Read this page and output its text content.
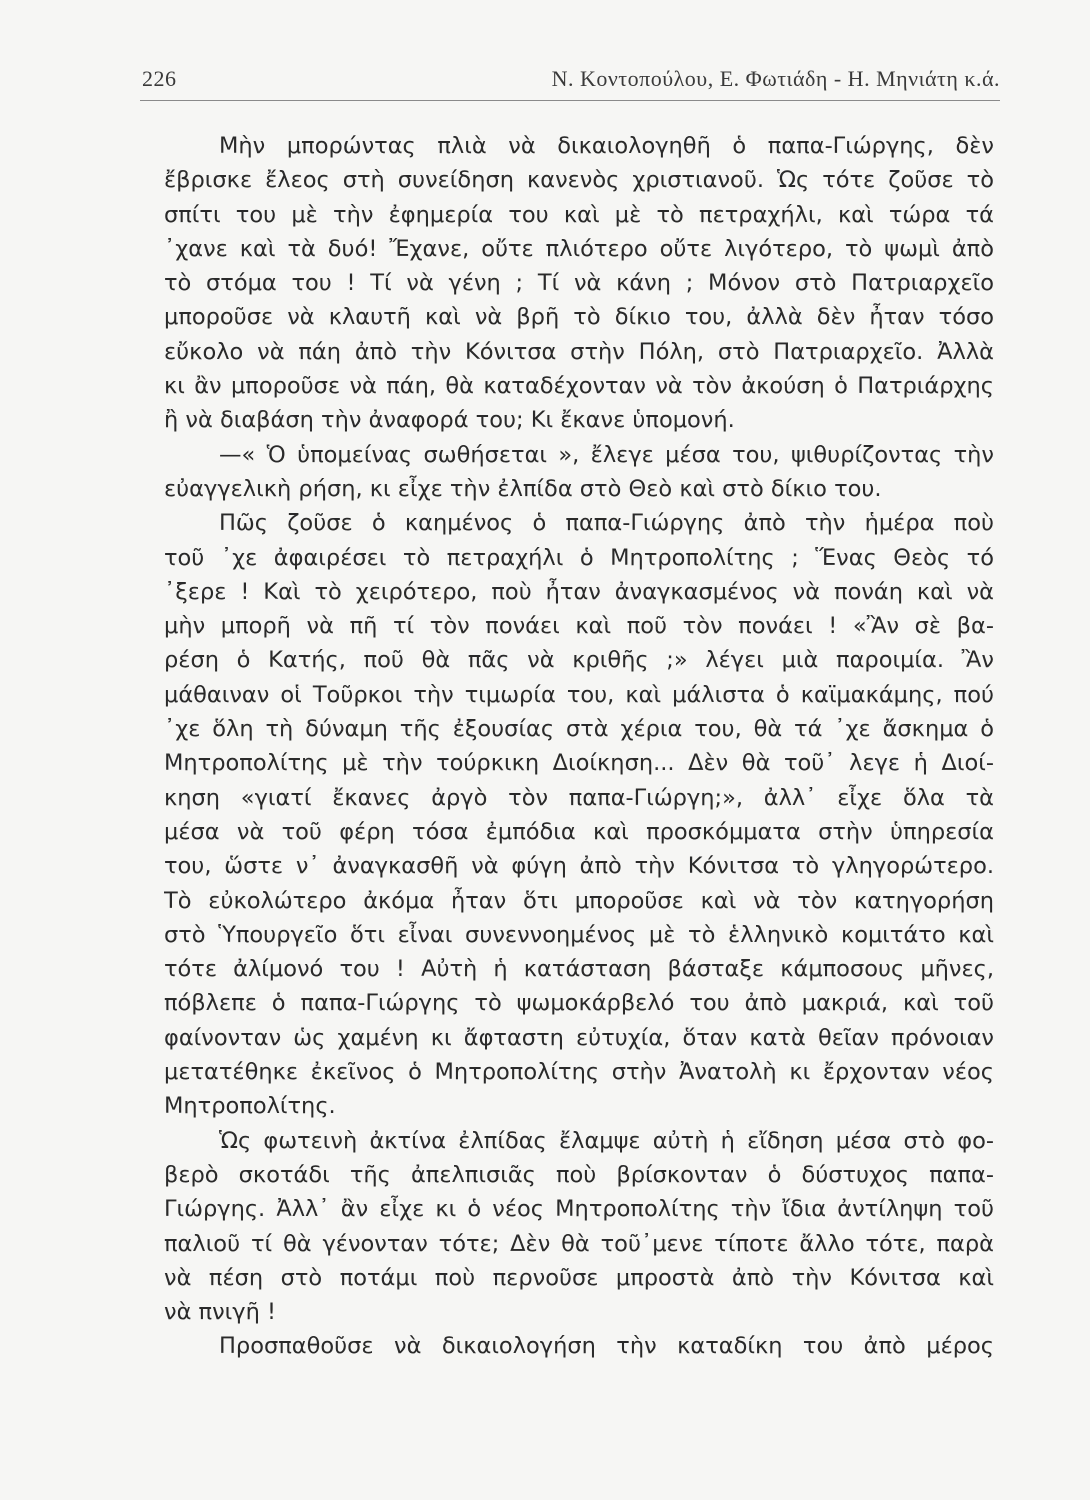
226	Ν. Κοντοπούλου, Ε. Φωτιάδη - Η. Μηνιάτη κ.ά.
Μὴν μπορώντας πλιὰ νὰ δικαιολογηθῆ ὁ παπα-Γιώργης, δὲν
ἔβρισκε ἔλεος στὴ συνείδηση κανενὸς χριστιανοῦ. Ὡς τότε ζοῦσε τὸ
σπίτι του μὲ τὴν ἐφημερία του καὶ μὲ τὸ πετραχήλι, καὶ τώρα τά
᾿χανε καὶ τὰ δυό! Ἔχανε, οὔτε πλιότερο οὔτε λιγότερο, τὸ ψωμὶ ἀπὸ
τὸ στόμα του ! Τί νὰ γένη ; Τί νὰ κάνη ; Μόνον στὸ Πατριαρχεῖο
μποροῦσε νὰ κλαυτῆ καὶ νὰ βρῆ τὸ δίκιο του, ἀλλὰ δὲν ἦταν τόσο
εὔκολο νὰ πάη ἀπὸ τὴν Κόνιτσα στὴν Πόλη, στὸ Πατριαρχεῖο. Ἀλλὰ
κι ἂν μποροῦσε νὰ πάη, θὰ καταδέχονταν νὰ τὸν ἀκούση ὁ Πατριάρχης
ἢ νὰ διαβάση τὴν ἀναφορά του; Κι ἔκανε ὑπομονή.
—« Ὁ ὑπομείνας σωθήσεται », ἔλεγε μέσα του, ψιθυρίζοντας τὴν
εὐαγγελικὴ ρήση, κι εἶχε τὴν ἐλπίδα στὸ Θεὸ καὶ στὸ δίκιο του.
Πῶς ζοῦσε ὁ καημένος ὁ παπα-Γιώργης ἀπὸ τὴν ἡμέρα ποὺ
τοῦ ᾿χε ἀφαιρέσει τὸ πετραχήλι ὁ Μητροπολίτης ; Ἕνας Θεὸς τό
᾿ξερε ! Καὶ τὸ χειρότερο, ποὺ ἦταν ἀναγκασμένος νὰ πονάη καὶ νὰ
μὴν μπορῆ νὰ πῆ τί τὸν πονάει καὶ ποῦ τὸν πονάει ! «Ἂν σὲ βα-
ρέση ὁ Κατής, ποῦ θὰ πᾶς νὰ κριθῆς ;» λέγει μιὰ παροιμία. Ἂν
μάθαιναν οἱ Τοῦρκοι τὴν τιμωρία του, καὶ μάλιστα ὁ καϊμακάμης, πού
᾿χε ὅλη τὴ δύναμη τῆς ἐξουσίας στὰ χέρια του, θὰ τά ᾿χε ἄσκημα ὁ
Μητροπολίτης μὲ τὴν τούρκικη Διοίκηση... Δὲν θὰ τοῦ᾿ λεγε ἡ Διοί-
κηση «γιατί ἔκανες ἀργὸ τὸν παπα-Γιώργη;», ἀλλ᾿ εἶχε ὅλα τὰ
μέσα νὰ τοῦ φέρη τόσα ἐμπόδια καὶ προσκόμματα στὴν ὑπηρεσία
του, ὥστε ν᾿ ἀναγκασθῆ νὰ φύγη ἀπὸ τὴν Κόνιτσα τὸ γληγορώτερο.
Τὸ εὐκολώτερο ἀκόμα ἦταν ὅτι μποροῦσε καὶ νὰ τὸν κατηγορήση
στὸ Ὑπουργεῖο ὅτι εἶναι συνεννοημένος μὲ τὸ ἑλληνικὸ κομιτάτο καὶ
τότε ἀλίμονό του ! Αὐτὴ ἡ κατάσταση βάσταξε κάμποσους μῆνες,
πόβλεπε ὁ παπα-Γιώργης τὸ ψωμοκάρβελό του ἀπὸ μακριά, καὶ τοῦ
φαίνονταν ὡς χαμένη κι ἄφταστη εὐτυχία, ὅταν κατὰ θεῖαν πρόνοιαν
μετατέθηκε ἐκεῖνος ὁ Μητροπολίτης στὴν Ἀνατολὴ κι ἔρχονταν νέος
Μητροπολίτης.
Ὡς φωτεινὴ ἀκτίνα ἐλπίδας ἔλαμψε αὐτὴ ἡ εἴδηση μέσα στὸ φο-
βερὸ σκοτάδι τῆς ἀπελπισιᾶς ποὺ βρίσκονταν ὁ δύστυχος παπα-
Γιώργης. Ἀλλ᾿ ἂν εἶχε κι ὁ νέος Μητροπολίτης τὴν ἴδια ἀντίληψη τοῦ
παλιοῦ τί θὰ γένονταν τότε; Δὲν θὰ τοῦ᾿μενε τίποτε ἄλλο τότε, παρὰ
νὰ πέση στὸ ποτάμι ποὺ περνοῦσε μπροστὰ ἀπὸ τὴν Κόνιτσα καὶ
νὰ πνιγῆ !
Προσπαθοῦσε νὰ δικαιολογήση τὴν καταδίκη του ἀπὸ μέρος
